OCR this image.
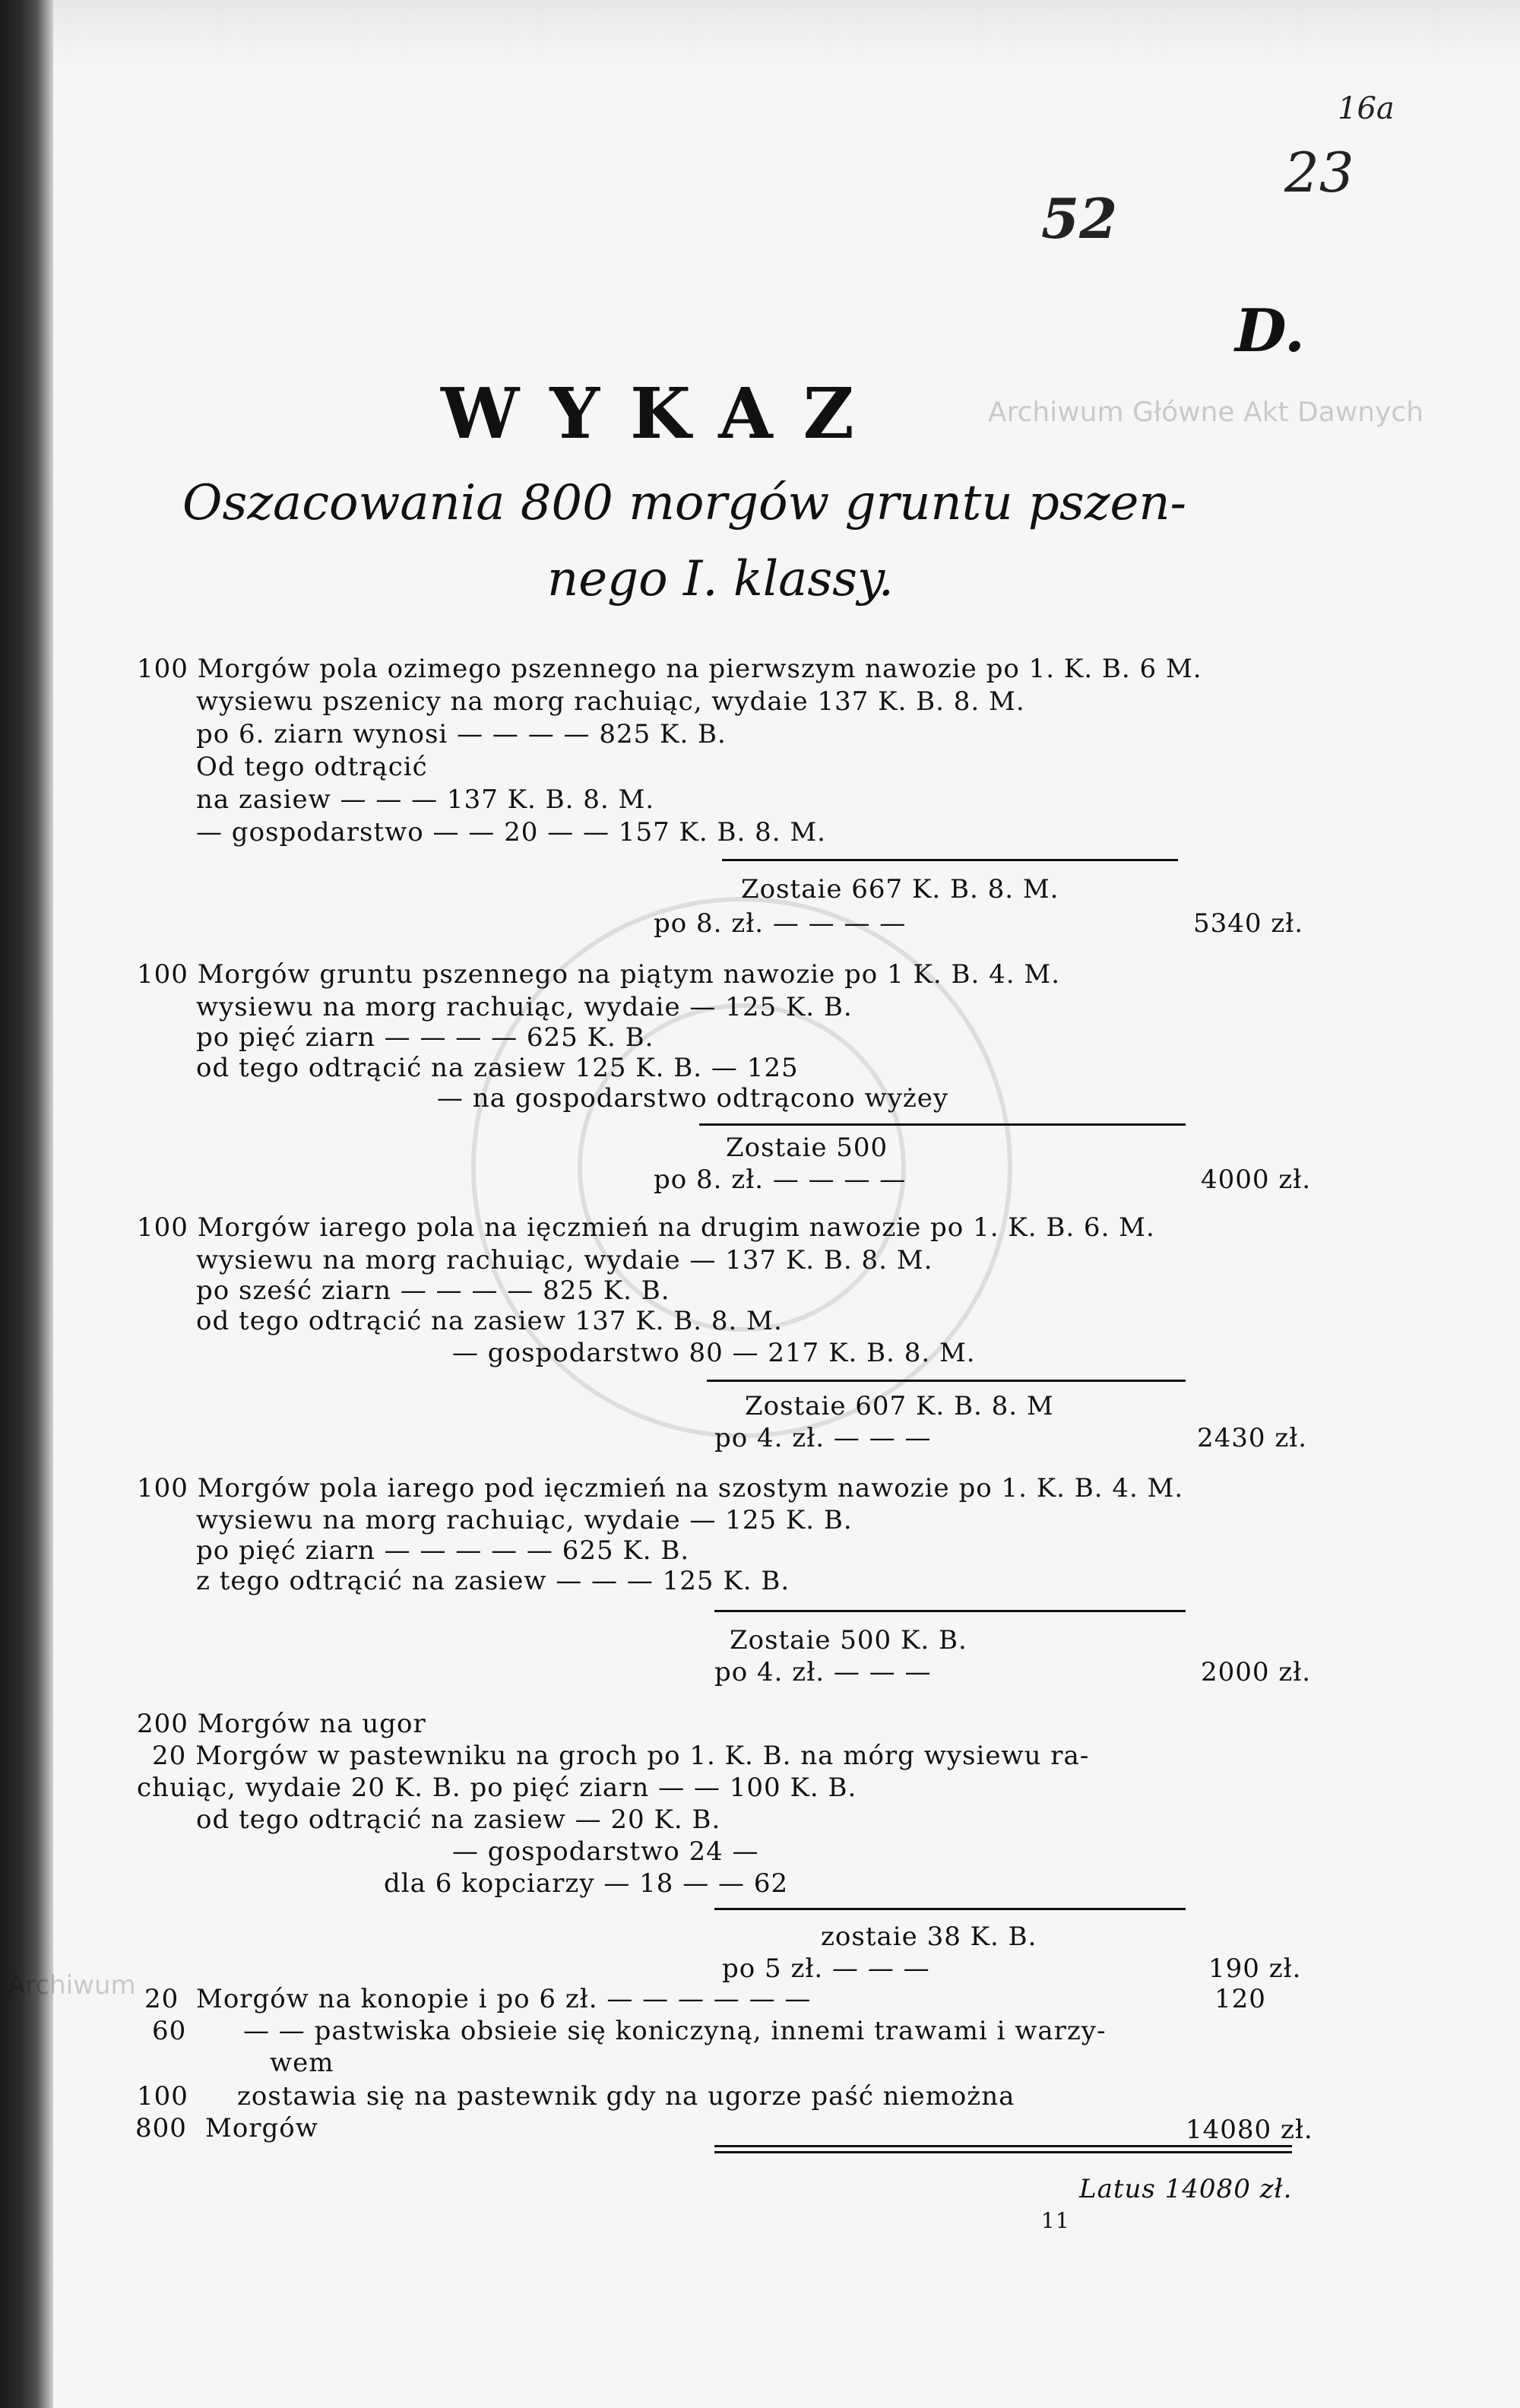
16a
23
52
D.
Archiwum Główne Akt Dawnych
Archiwum
WYKAZ
Oszacowania 800 morgów gruntu pszen-
nego I. klassy.
100 Morgów pola ozimego pszennego na pierwszym nawozie po 1. K. B. 6 M.
wysiewu pszenicy na morg rachuiąc, wydaie 137 K. B. 8. M.
po 6. ziarn wynosi — — — — 825 K. B.
Od tego odtrącić
na zasiew — — — 137 K. B. 8. M.
— gospodarstwo — — 20 — — 157 K. B. 8. M.
Zostaie 667 K. B. 8. M.
po 8. zł. — — — —	5340 zł.
100 Morgów gruntu pszennego na piątym nawozie po 1 K. B. 4. M.
wysiewu na morg rachuiąc, wydaie — 125 K. B.
po pięć ziarn — — — — 625 K. B.
od tego odtrącić na zasiew 125 K. B. — 125
— na gospodarstwo odtrącono wyżey
Zostaie 500
po 8. zł. — — — —	4000 zł.
100 Morgów iarego pola na ięczmień na drugim nawozie po 1. K. B. 6. M.
wysiewu na morg rachuiąc, wydaie — 137 K. B. 8. M.
po sześć ziarn — — — — 825 K. B.
od tego odtrącić na zasiew 137 K. B. 8. M.
— gospodarstwo 80 — 217 K. B. 8. M.
Zostaie 607 K. B. 8. M
po 4. zł. — — —	2430 zł.
100 Morgów pola iarego pod ięczmień na szostym nawozie po 1. K. B. 4. M.
wysiewu na morg rachuiąc, wydaie — 125 K. B.
po pięć ziarn — — — — — 625 K. B.
z tego odtrącić na zasiew — — — 125 K. B.
Zostaie 500 K. B.
po 4. zł. — — —	2000 zł.
200 Morgów na ugor
20 Morgów w pastewniku na groch po 1. K. B. na mórg wysiewu ra-
chuiąc, wydaie 20 K. B. po pięć ziarn — — 100 K. B.
od tego odtrącić na zasiew — 20 K. B.
— gospodarstwo 24 —
dla 6 kopciarzy — 18 — — 62
zostaie 38 K. B.
po 5 zł. — — —	190 zł.
20 Morgów na konopie i po 6 zł. — — — — — —	120
60 — — pastwiska obsieie się koniczyną, innemi trawami i warzy-
wem
100 zostawia się na pastewnik gdy na ugorze paść niemożna
800 Morgów	14080 zł.
Latus 14080 zł.
11
